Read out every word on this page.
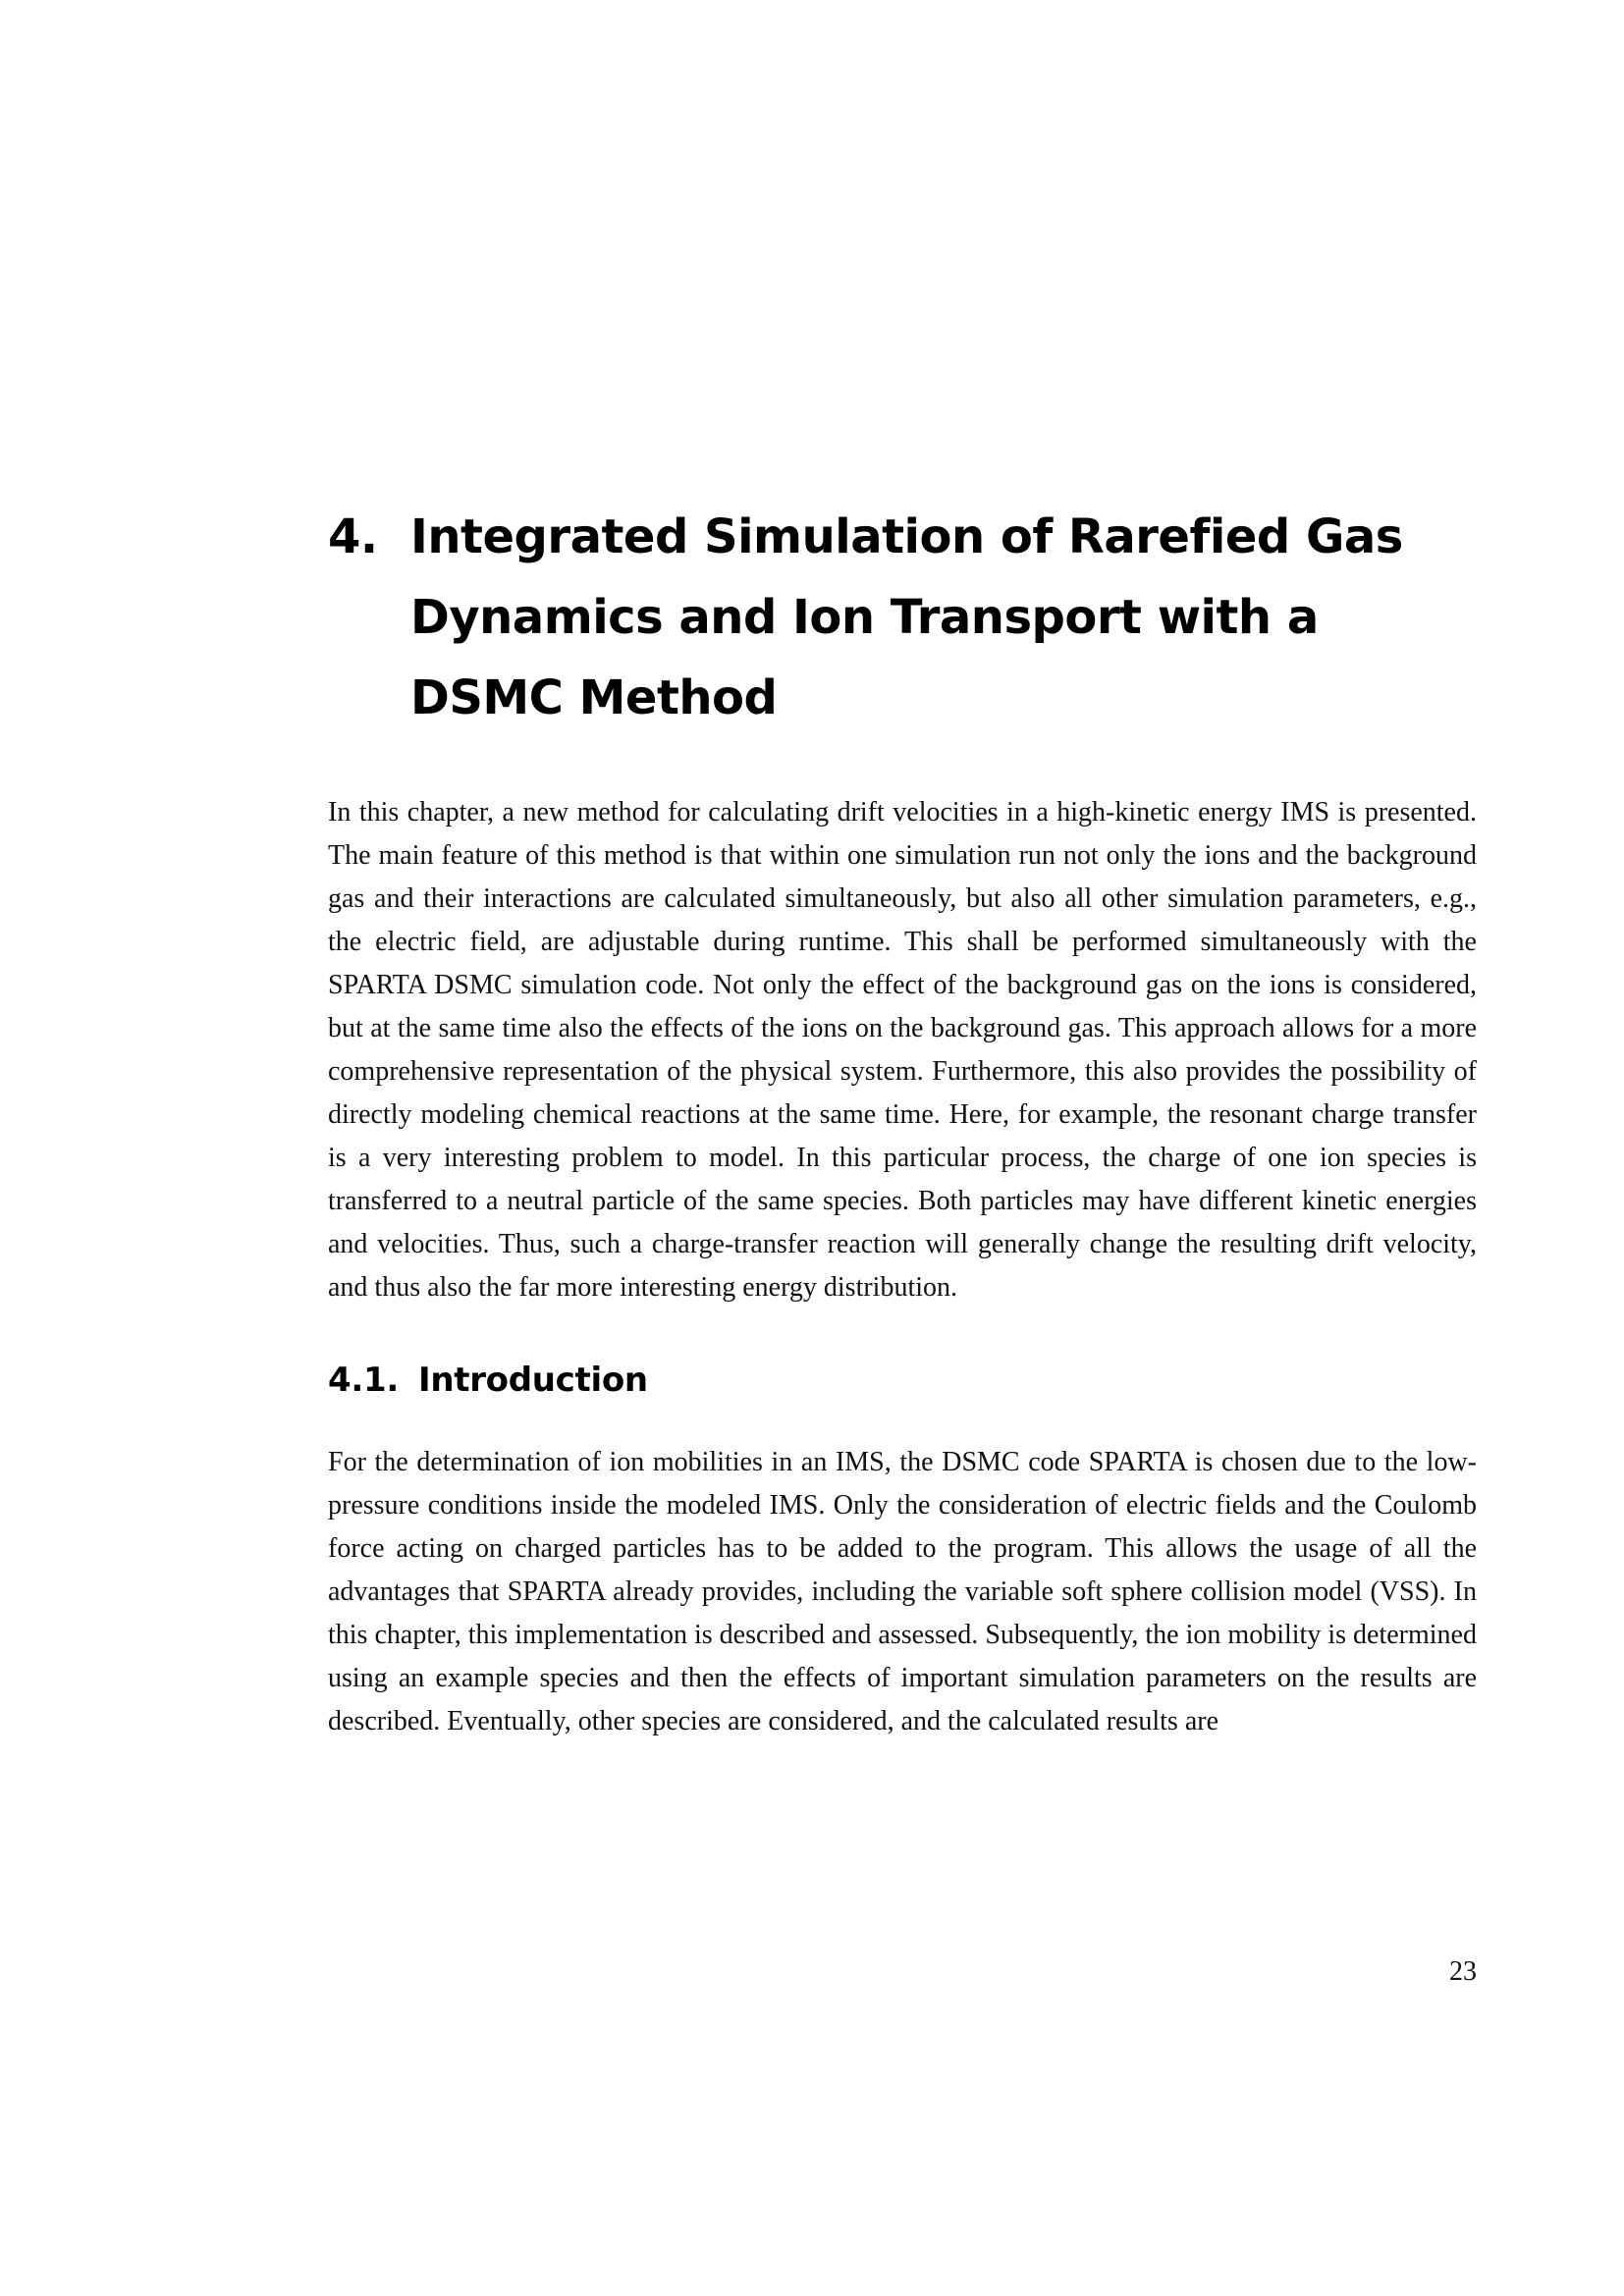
4. Integrated Simulation of Rarefied Gas
Dynamics and Ion Transport with a
DSMC Method

In this chapter, a new method for calculating drift velocities in a high-kinetic energy IMS is presented. The main feature of this method is that within one simulation run not only the ions and the background gas and their interactions are calculated simultaneously, but also all other simulation parameters, e.g., the electric field, are adjustable during runtime. This shall be performed simultaneously with the SPARTA DSMC simulation code. Not only the effect of the background gas on the ions is considered, but at the same time also the effects of the ions on the background gas. This approach allows for a more comprehensive representation of the physical system. Furthermore, this also provides the possibility of directly modeling chemical reactions at the same time. Here, for example, the resonant charge transfer is a very interesting problem to model. In this particular process, the charge of one ion species is transferred to a neutral particle of the same species. Both particles may have different kinetic energies and velocities. Thus, such a charge-transfer reaction will generally change the resulting drift velocity, and thus also the far more interesting energy distribution.

4.1. Introduction

For the determination of ion mobilities in an IMS, the DSMC code SPARTA is chosen due to the low-pressure conditions inside the modeled IMS. Only the consideration of electric fields and the Coulomb force acting on charged particles has to be added to the program. This allows the usage of all the advantages that SPARTA already provides, including the variable soft sphere collision model (VSS). In this chapter, this implementation is described and assessed. Subsequently, the ion mobility is determined using an example species and then the effects of important simulation parameters on the results are described. Eventually, other species are considered, and the calculated results are

23
